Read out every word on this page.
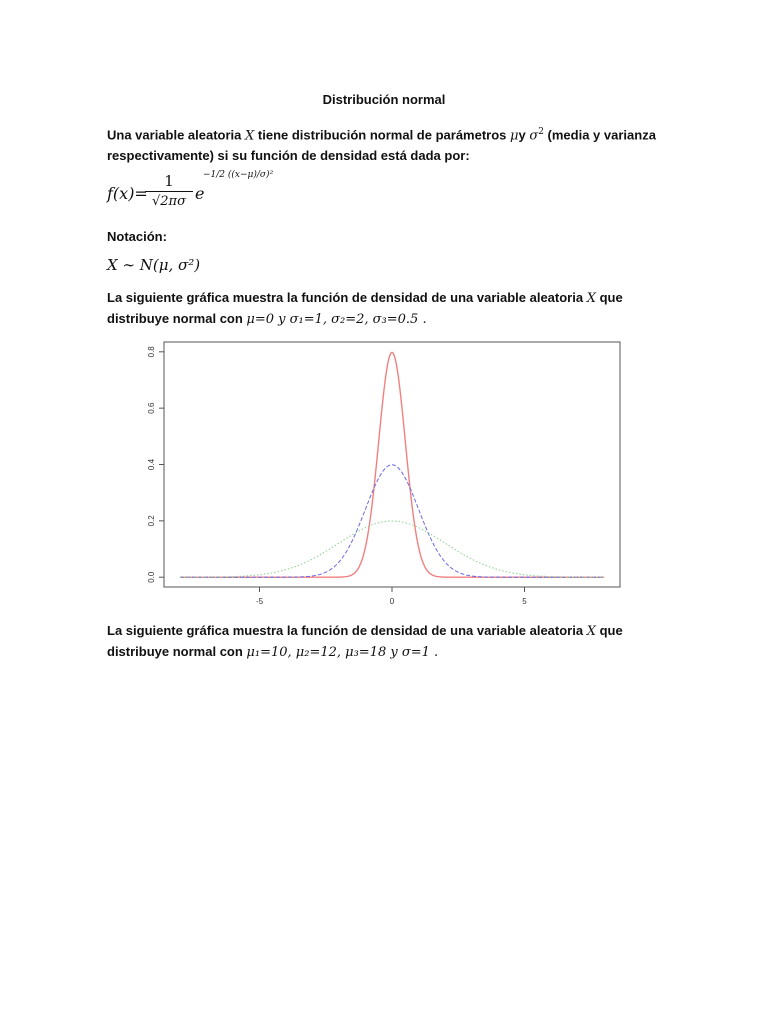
Distribución normal
Una variable aleatoria X tiene distribución normal de parámetros μy $\sigma^2$ (media y varianza respectivamente) si su función de densidad está dada por:
f(x)=
$\frac{1}{√2\pi\sigma}$ e
−1/2 ((x−μ)/σ)²
Notación:
X ∼ N(μ, σ²)
La siguiente gráfica muestra la función de densidad de una variable aleatoria X que distribuye normal con μ=0 y σ₁=1, σ₂=2, σ₃=0.5 .
-5	0	5
0.0
0.2
0.4
0.6
0.8
La siguiente gráfica muestra la función de densidad de una variable aleatoria X que distribuye normal con μ₁=10, μ₂=12, μ₃=18 y σ=1 .
